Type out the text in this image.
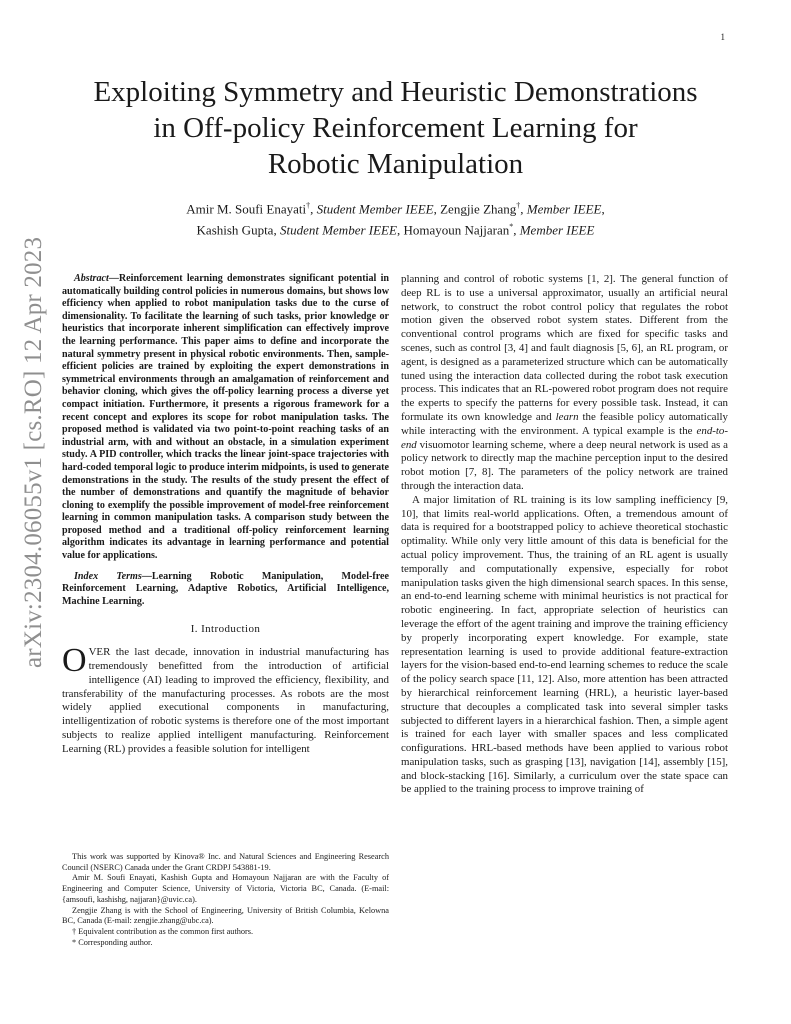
1
arXiv:2304.06055v1 [cs.RO] 12 Apr 2023
Exploiting Symmetry and Heuristic Demonstrations
in Off-policy Reinforcement Learning for
Robotic Manipulation
Amir M. Soufi Enayati†, Student Member IEEE, Zengjie Zhang†, Member IEEE,
Kashish Gupta, Student Member IEEE, Homayoun Najjaran*, Member IEEE

Abstract—Reinforcement learning demonstrates significant potential in automatically building control policies in numerous domains, but shows low efficiency when applied to robot manipulation tasks due to the curse of dimensionality. To facilitate the learning of such tasks, prior knowledge or heuristics that incorporate inherent simplification can effectively improve the learning performance. This paper aims to define and incorporate the natural symmetry present in physical robotic environments. Then, sample-efficient policies are trained by exploiting the expert demonstrations in symmetrical environments through an amalgamation of reinforcement and behavior cloning, which gives the off-policy learning process a diverse yet compact initiation. Furthermore, it presents a rigorous framework for a recent concept and explores its scope for robot manipulation tasks. The proposed method is validated via two point-to-point reaching tasks of an industrial arm, with and without an obstacle, in a simulation experiment study. A PID controller, which tracks the linear joint-space trajectories with hard-coded temporal logic to produce interim midpoints, is used to generate demonstrations in the study. The results of the study present the effect of the number of demonstrations and quantify the magnitude of behavior cloning to exemplify the possible improvement of model-free reinforcement learning in common manipulation tasks. A comparison study between the proposed method and a traditional off-policy reinforcement learning algorithm indicates its advantage in learning performance and potential value for applications.

Index Terms—Learning Robotic Manipulation, Model-free Reinforcement Learning, Adaptive Robotics, Artificial Intelligence, Machine Learning.

I. Introduction

OVER the last decade, innovation in industrial manufacturing has tremendously benefitted from the introduction of artificial intelligence (AI) leading to improved the efficiency, flexibility, and transferability of the manufacturing processes. As robots are the most widely applied executional components in manufacturing, intelligentization of robotic systems is therefore one of the most important subjects to realize applied intelligent manufacturing. Reinforcement Learning (RL) provides a feasible solution for intelligent

This work was supported by Kinova® Inc. and Natural Sciences and Engineering Research Council (NSERC) Canada under the Grant CRDPJ 543881-19.

Amir M. Soufi Enayati, Kashish Gupta and Homayoun Najjaran are with the Faculty of Engineering and Computer Science, University of Victoria, Victoria BC, Canada. (E-mail: {amsoufi, kashishg, najjaran}@uvic.ca).

Zengjie Zhang is with the School of Engineering, University of British Columbia, Kelowna BC, Canada (E-mail: zengjie.zhang@ubc.ca).

† Equivalent contribution as the common first authors.

* Corresponding author.

planning and control of robotic systems [1, 2]. The general function of deep RL is to use a universal approximator, usually an artificial neural network, to construct the robot control policy that regulates the robot motion given the observed robot system states. Different from the conventional control programs which are fixed for specific tasks and scenes, such as control [3, 4] and fault diagnosis [5, 6], an RL program, or agent, is designed as a parameterized structure which can be automatically tuned using the interaction data collected during the robot task execution process. This indicates that an RL-powered robot program does not require the experts to specify the patterns for every possible task. Instead, it can formulate its own knowledge and learn the feasible policy automatically while interacting with the environment. A typical example is the end-to-end visuomotor learning scheme, where a deep neural network is used as a policy network to directly map the machine perception input to the desired robot motion [7, 8]. The parameters of the policy network are trained through the interaction data.

A major limitation of RL training is its low sampling inefficiency [9, 10], that limits real-world applications. Often, a tremendous amount of data is required for a bootstrapped policy to achieve theoretical stochastic optimality. While only very little amount of this data is beneficial for the actual policy improvement. Thus, the training of an RL agent is usually temporally and computationally expensive, especially for robot manipulation tasks given the high dimensional search spaces. In this sense, an end-to-end learning scheme with minimal heuristics is not practical for robotic engineering. In fact, appropriate selection of heuristics can leverage the effort of the agent training and improve the training efficiency by properly incorporating expert knowledge. For example, state representation learning is used to provide additional feature-extraction layers for the vision-based end-to-end learning schemes to reduce the scale of the policy search space [11, 12]. Also, more attention has been attracted by hierarchical reinforcement learning (HRL), a heuristic layer-based structure that decouples a complicated task into several simpler tasks subjected to different layers in a hierarchical fashion. Then, a simple agent is trained for each layer with smaller spaces and less complicated configurations. HRL-based methods have been applied to various robot manipulation tasks, such as grasping [13], navigation [14], assembly [15], and block-stacking [16]. Similarly, a curriculum over the state space can be applied to the training process to improve training of
